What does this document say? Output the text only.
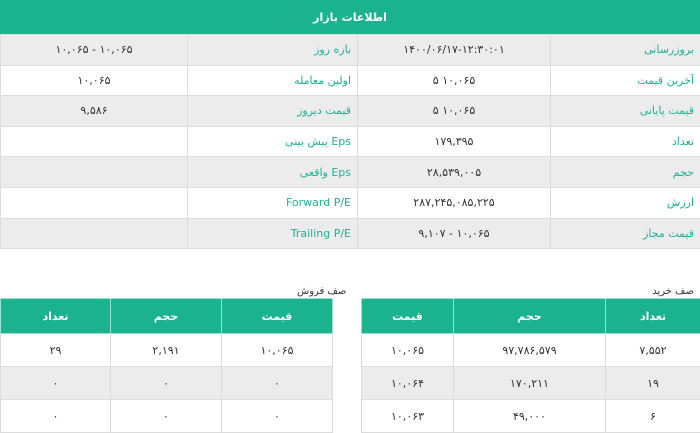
اطلاعات بازار
بروزرسانی	۱۴۰۰/۰۶/۱۷-۱۲:۳۰:۰۱	بازه روز	۱۰,۰۶۵ - ۱۰,۰۶۵
آخرین قیمت	۱۰,۰۶۵ ۵	اولین معامله	۱۰,۰۶۵
قیمت پایانی	۱۰,۰۶۵ ۵	قیمت دیروز	۹,۵۸۶
تعداد	۱۷۹,۳۹۵	Eps پیش بینی	
حجم	۲۸,۵۳۹,۰۰۵	Eps واقعی	
ارزش	۲۸۷,۲۴۵,۰۸۵,۲۲۵	Forward P/E	
قیمت مجاز	۱۰,۰۶۵ - ۹,۱۰۷	Trailing P/E	
صف خرید
تعداد	حجم	قیمت
۷,۵۵۲	۹۷,۷۸۶,۵۷۹	۱۰,۰۶۵
۱۹	۱۷۰,۲۱۱	۱۰,۰۶۴
۶	۴۹,۰۰۰	۱۰,۰۶۳
صف فروش
قیمت	حجم	تعداد
۱۰,۰۶۵	۲,۱۹۱	۲۹
۰	۰	۰
۰	۰	۰
